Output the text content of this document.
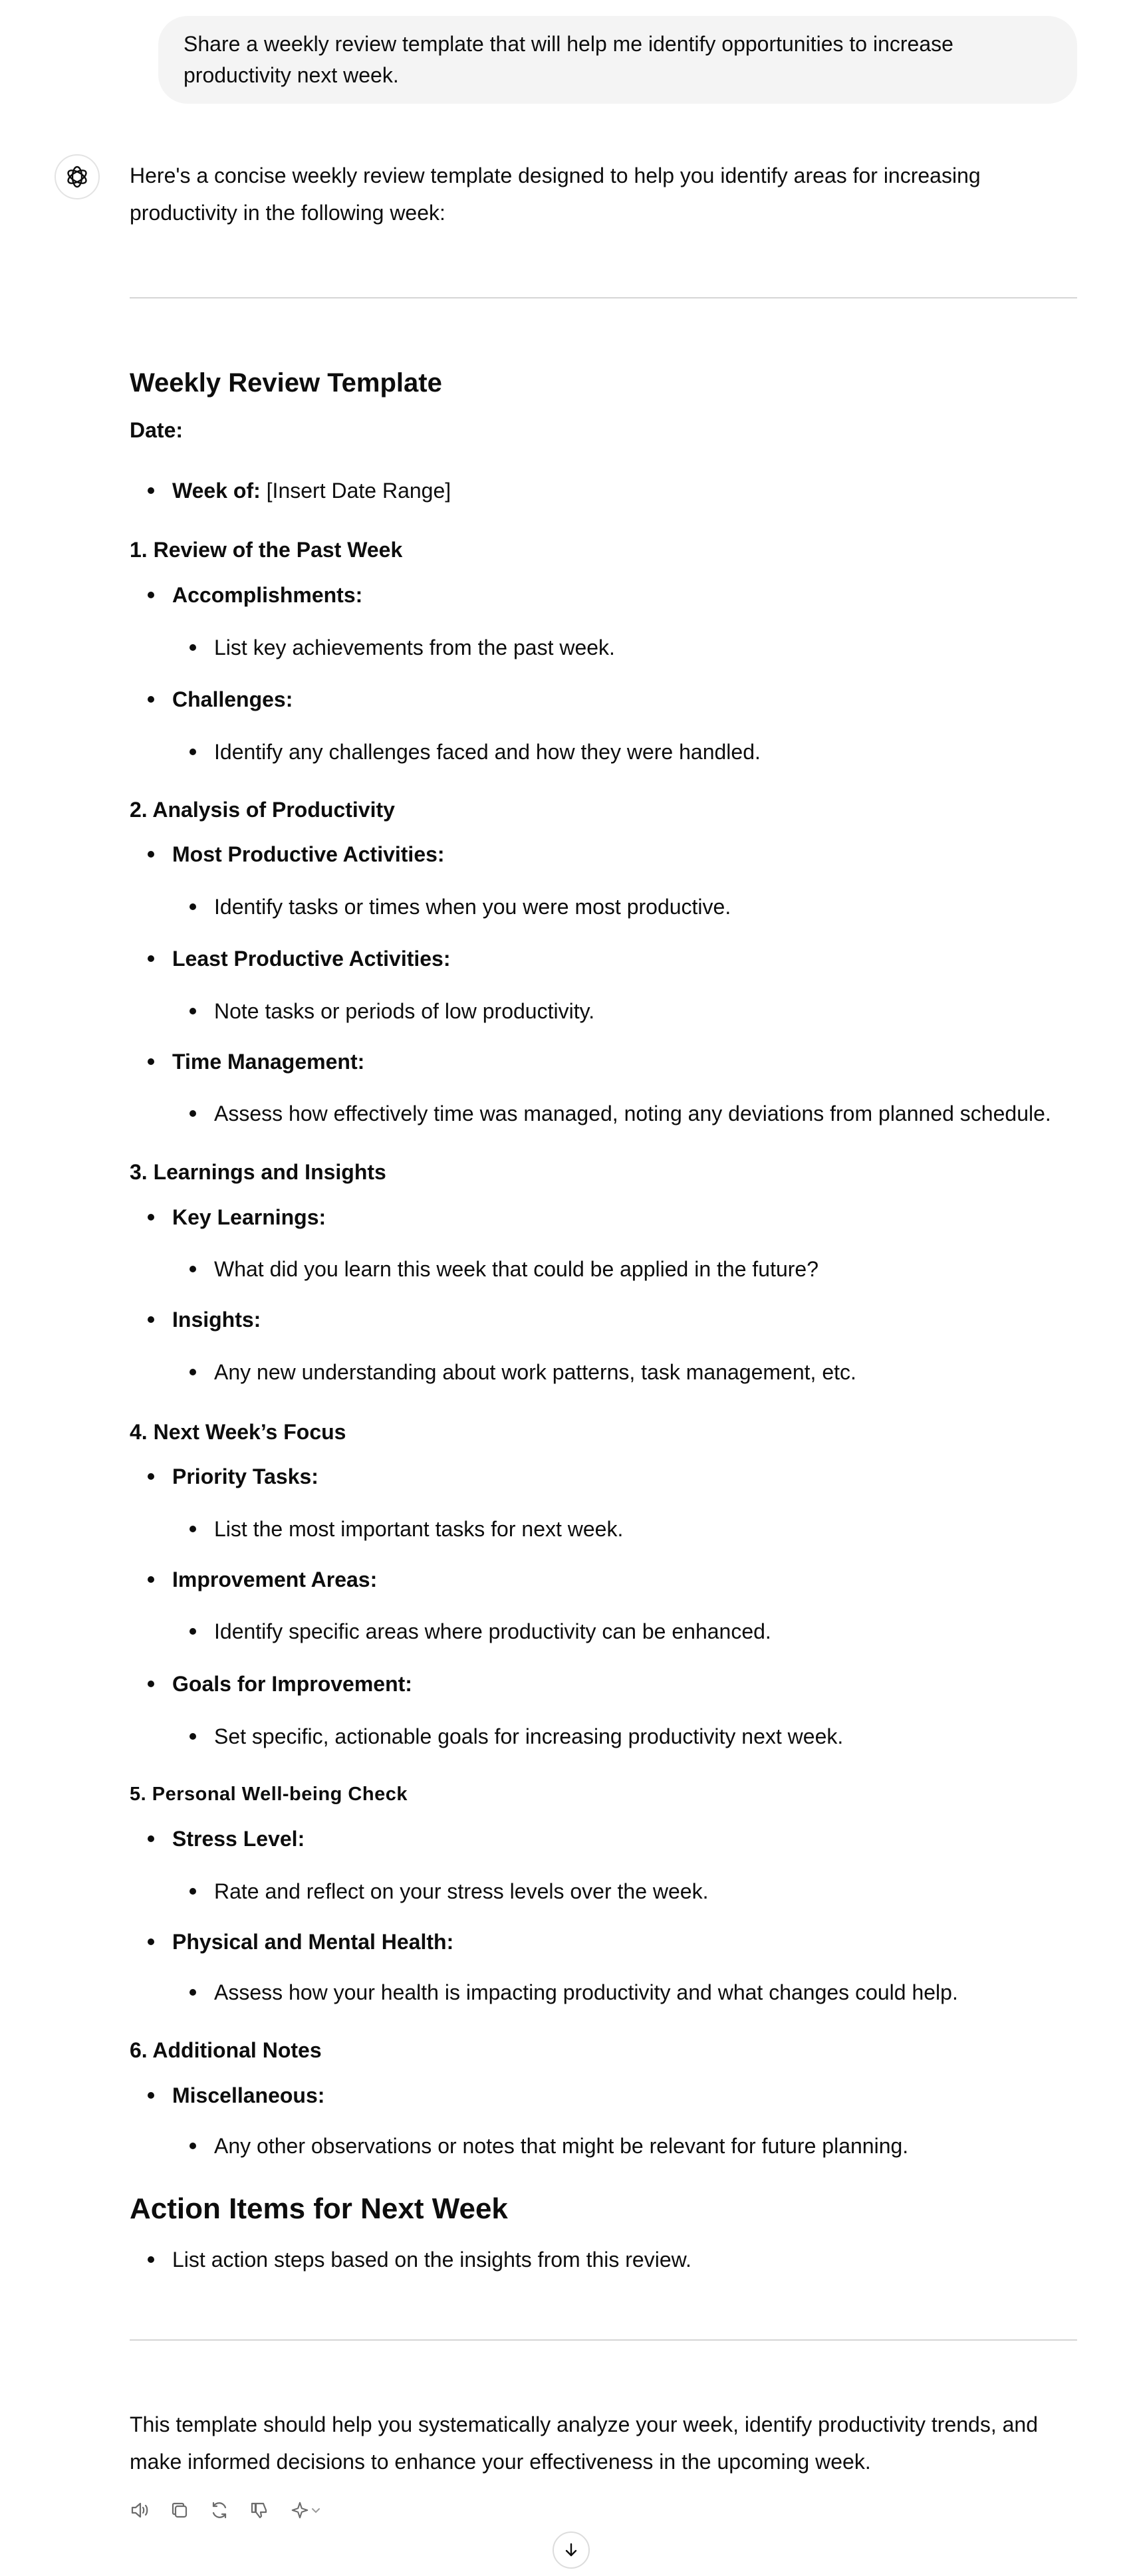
Share a weekly review template that will help me identify opportunities to increase productivity next week.

Here's a concise weekly review template designed to help you identify areas for increasing productivity in the following week:

Weekly Review Template
Date:
Week of: [Insert Date Range]
1. Review of the Past Week
Accomplishments:
List key achievements from the past week.
Challenges:
Identify any challenges faced and how they were handled.
2. Analysis of Productivity
Most Productive Activities:
Identify tasks or times when you were most productive.
Least Productive Activities:
Note tasks or periods of low productivity.
Time Management:
Assess how effectively time was managed, noting any deviations from planned schedule.
3. Learnings and Insights
Key Learnings:
What did you learn this week that could be applied in the future?
Insights:
Any new understanding about work patterns, task management, etc.
4. Next Week’s Focus
Priority Tasks:
List the most important tasks for next week.
Improvement Areas:
Identify specific areas where productivity can be enhanced.
Goals for Improvement:
Set specific, actionable goals for increasing productivity next week.
5. Personal Well-being Check
Stress Level:
Rate and reflect on your stress levels over the week.
Physical and Mental Health:
Assess how your health is impacting productivity and what changes could help.
6. Additional Notes
Miscellaneous:
Any other observations or notes that might be relevant for future planning.
Action Items for Next Week
List action steps based on the insights from this review.

This template should help you systematically analyze your week, identify productivity trends, and make informed decisions to enhance your effectiveness in the upcoming week.
